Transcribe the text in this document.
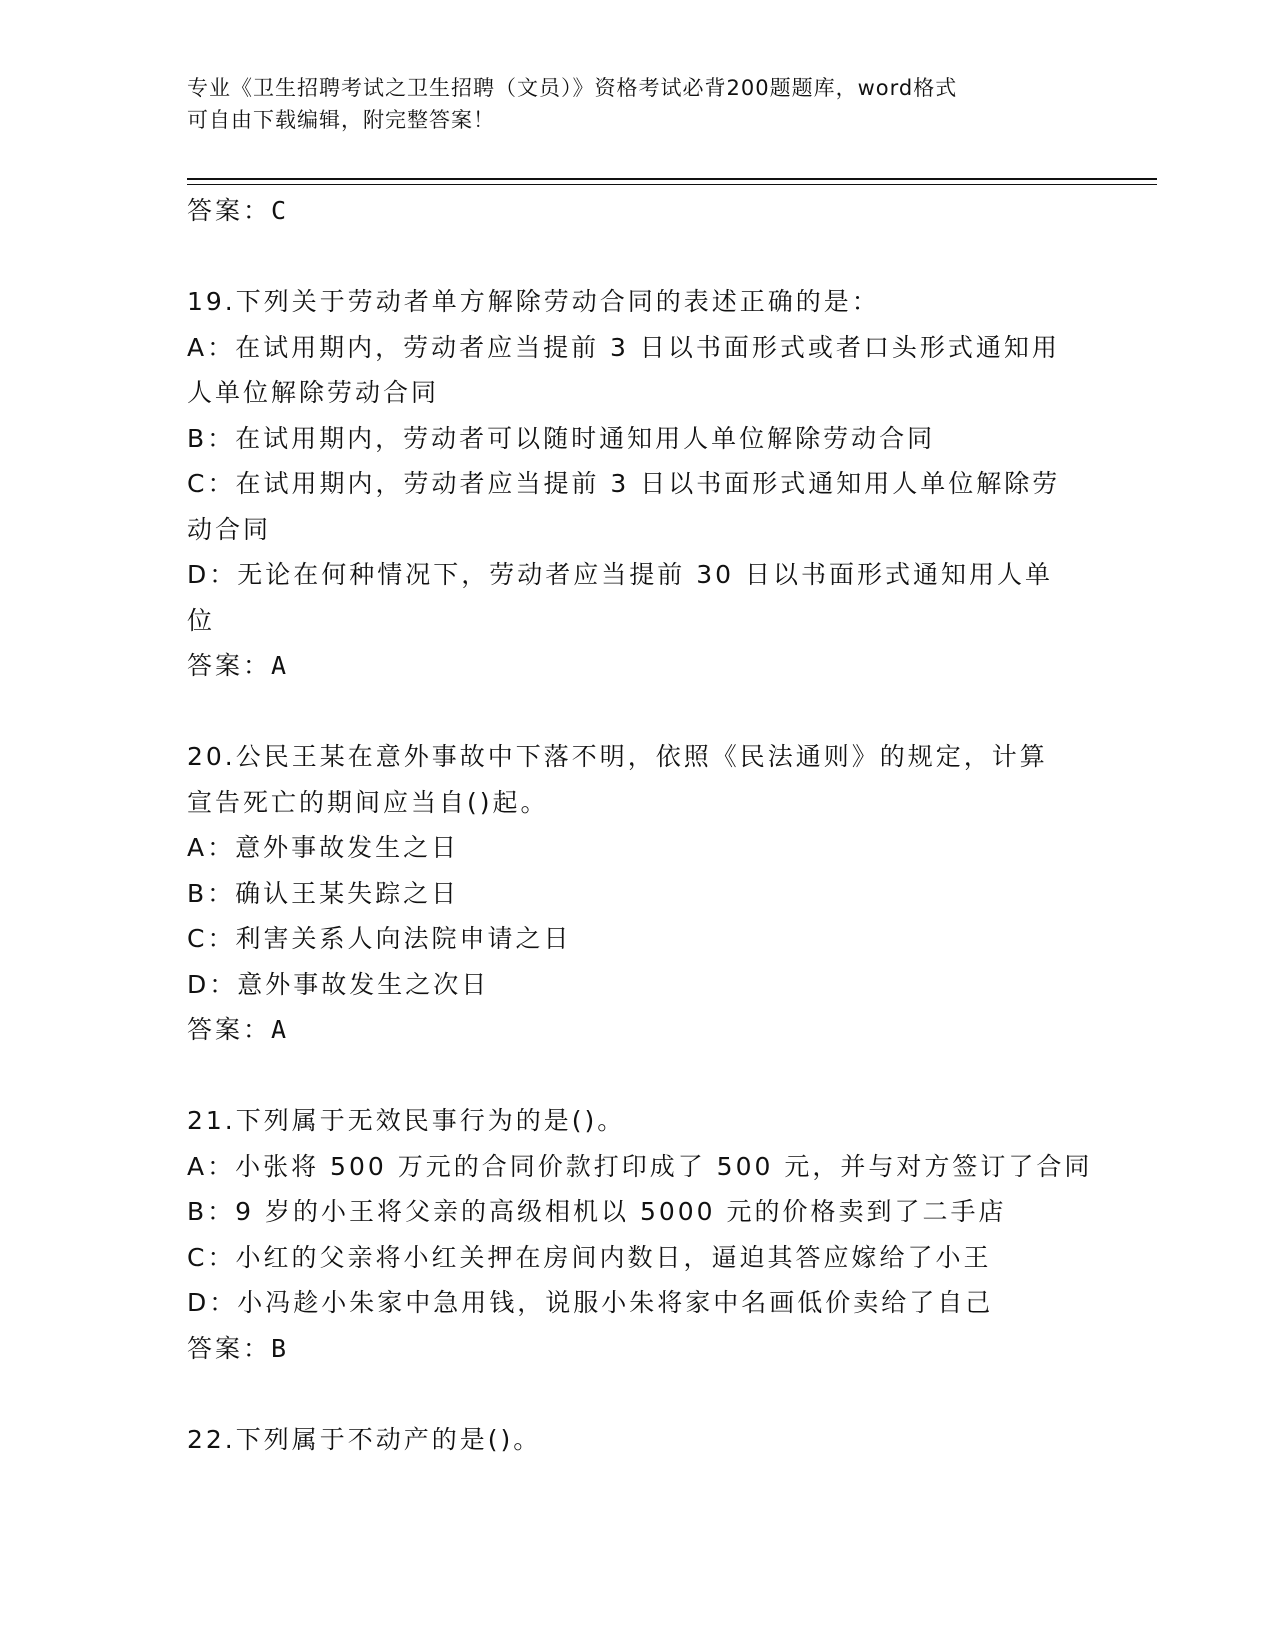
专业《卫生招聘考试之卫生招聘（文员）》资格考试必背200题题库，word格式
可自由下载编辑，附完整答案！
答案：C
19.下列关于劳动者单方解除劳动合同的表述正确的是：
A：在试用期内，劳动者应当提前 3 日以书面形式或者口头形式通知用
人单位解除劳动合同
B：在试用期内，劳动者可以随时通知用人单位解除劳动合同
C：在试用期内，劳动者应当提前 3 日以书面形式通知用人单位解除劳
动合同
D：无论在何种情况下，劳动者应当提前 30 日以书面形式通知用人单
位
答案：A
20.公民王某在意外事故中下落不明，依照《民法通则》的规定，计算
宣告死亡的期间应当自()起。
A：意外事故发生之日
B：确认王某失踪之日
C：利害关系人向法院申请之日
D：意外事故发生之次日
答案：A
21.下列属于无效民事行为的是()。
A：小张将 500 万元的合同价款打印成了 500 元，并与对方签订了合同
B：9 岁的小王将父亲的高级相机以 5000 元的价格卖到了二手店
C：小红的父亲将小红关押在房间内数日，逼迫其答应嫁给了小王
D：小冯趁小朱家中急用钱，说服小朱将家中名画低价卖给了自己
答案：B
22.下列属于不动产的是()。
